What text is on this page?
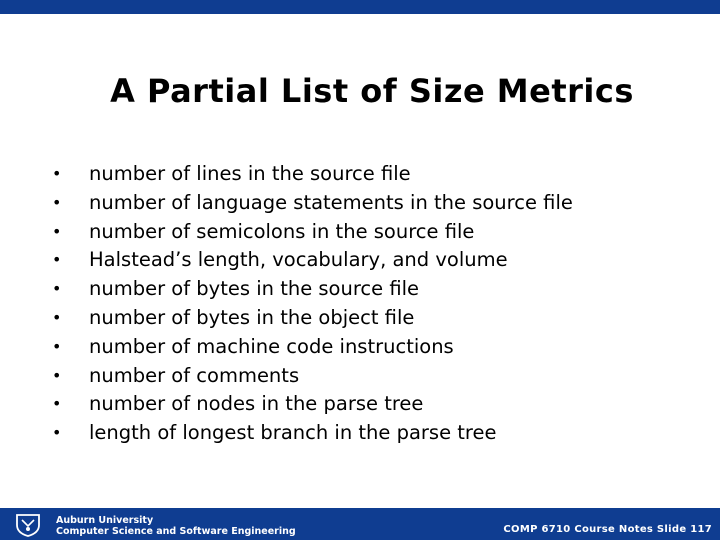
A Partial List of Size Metrics
• number of lines in the source file
• number of language statements in the source file
• number of semicolons in the source file
• Halstead’s length, vocabulary, and volume
• number of bytes in the source file
• number of bytes in the object file
• number of machine code instructions
• number of comments
• number of nodes in the parse tree
• length of longest branch in the parse tree
Auburn University
Computer Science and Software Engineering	COMP 6710 Course Notes Slide 117
